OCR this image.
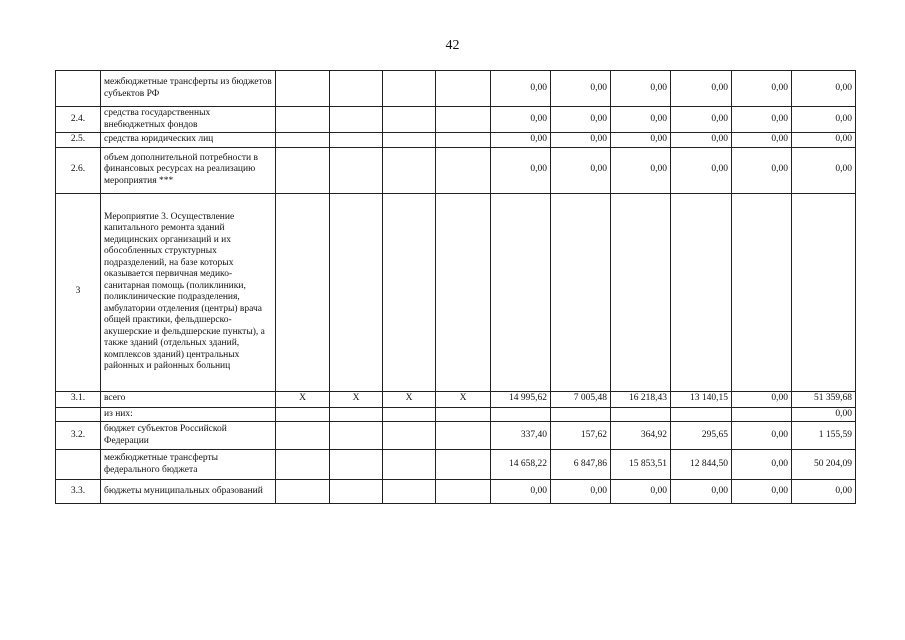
42
	межбюджетные трансферты из бюджетов субъектов РФ					0,00	0,00	0,00	0,00	0,00	0,00
2.4.	средства государственных внебюджетных фондов					0,00	0,00	0,00	0,00	0,00	0,00
2.5.	средства юридических лиц					0,00	0,00	0,00	0,00	0,00	0,00
2.6.	объем дополнительной потребности в финансовых ресурсах на реализацию мероприятия ***					0,00	0,00	0,00	0,00	0,00	0,00
3	Мероприятие 3. Осуществление капитального ремонта зданий медицинских организаций и их обособленных структурных подразделений, на базе которых оказывается первичная медико-санитарная помощь (поликлиники, поликлинические подразделения, амбулатории отделения (центры) врача общей практики, фельдшерско-акушерские и фельдшерские пункты), а также зданий (отдельных зданий, комплексов зданий) центральных районных и районных больниц										
3.1.	всего	X	X	X	X	14 995,62	7 005,48	16 218,43	13 140,15	0,00	51 359,68
	из них:										0,00
3.2.	бюджет субъектов Российской Федерации					337,40	157,62	364,92	295,65	0,00	1 155,59
	межбюджетные трансферты федерального бюджета					14 658,22	6 847,86	15 853,51	12 844,50	0,00	50 204,09
3.3.	бюджеты муниципальных образований					0,00	0,00	0,00	0,00	0,00	0,00
